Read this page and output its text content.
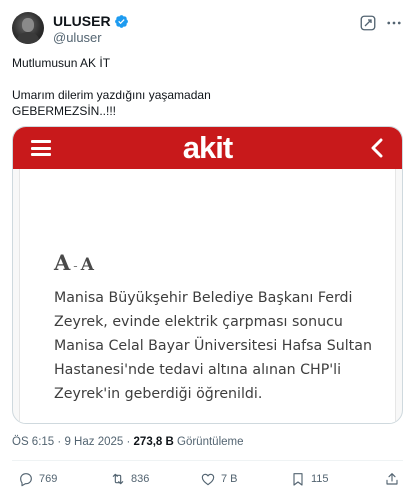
ULUSER
@uluser

Mutlumusun AK İT

Umarım dilerim yazdığını yaşamadan

GEBERMEZSİN..!!!

akit
A - A
Manisa Büyükşehir Belediye Başkanı Ferdi Zeyrek, evinde elektrik çarpması sonucu Manisa Celal Bayar Üniversitesi Hafsa Sultan Hastanesi'nde tedavi altına alınan CHP'li Zeyrek'in geberdiği öğrenildi.
ÖS 6:15 · 9 Haz 2025 · 273,8 B Görüntüleme
769	836	7 B	115
